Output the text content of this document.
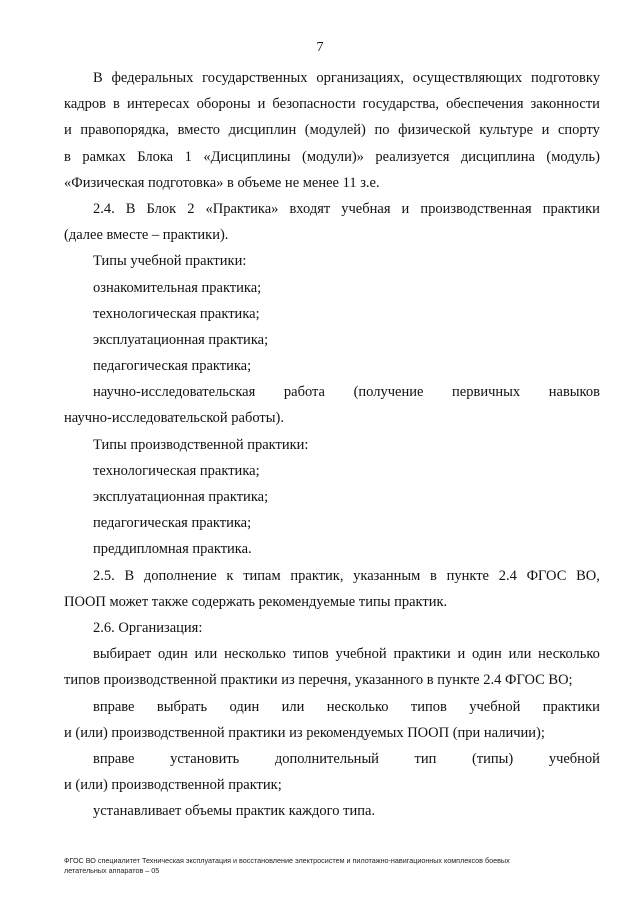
7
В федеральных государственных организациях, осуществляющих подготовку
кадров в интересах обороны и безопасности государства, обеспечения законности
и правопорядка, вместо дисциплин (модулей) по физической культуре и спорту
в рамках Блока 1 «Дисциплины (модули)» реализуется дисциплина (модуль)
«Физическая подготовка» в объеме не менее 11 з.е.
2.4. В Блок 2 «Практика» входят учебная и производственная практики
(далее вместе – практики).
Типы учебной практики:
ознакомительная практика;
технологическая практика;
эксплуатационная практика;
педагогическая практика;
научно-исследовательская работа (получение первичных навыков
научно-исследовательской работы).
Типы производственной практики:
технологическая практика;
эксплуатационная практика;
педагогическая практика;
преддипломная практика.
2.5. В дополнение к типам практик, указанным в пункте 2.4 ФГОС ВО,
ПООП может также содержать рекомендуемые типы практик.
2.6. Организация:
выбирает один или несколько типов учебной практики и один или несколько
типов производственной практики из перечня, указанного в пункте 2.4 ФГОС ВО;
вправе выбрать один или несколько типов учебной практики
и (или) производственной практики из рекомендуемых ПООП (при наличии);
вправе установить дополнительный тип (типы) учебной
и (или) производственной практик;
устанавливает объемы практик каждого типа.
ФГОС ВО специалитет Техническая эксплуатация и восстановление электросистем и пилотажно-навигационных комплексов боевых
летательных аппаратов – 05
